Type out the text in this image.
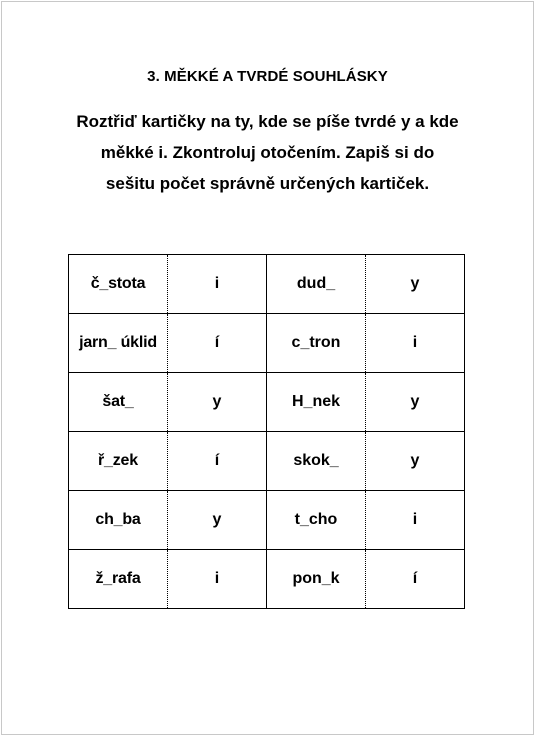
3. MĚKKÉ A TVRDÉ SOUHLÁSKY
Roztřiď kartičky na ty, kde se píše tvrdé y a kde
měkké i. Zkontroluj otočením. Zapiš si do
sešitu počet správně určených kartiček.
č_stota	i	dud_	y
jarn_ úklid	í	c_tron	i
šat_	y	H_nek	y
ř_zek	í	skok_	y
ch_ba	y	t_cho	i
ž_rafa	i	pon_k	í
